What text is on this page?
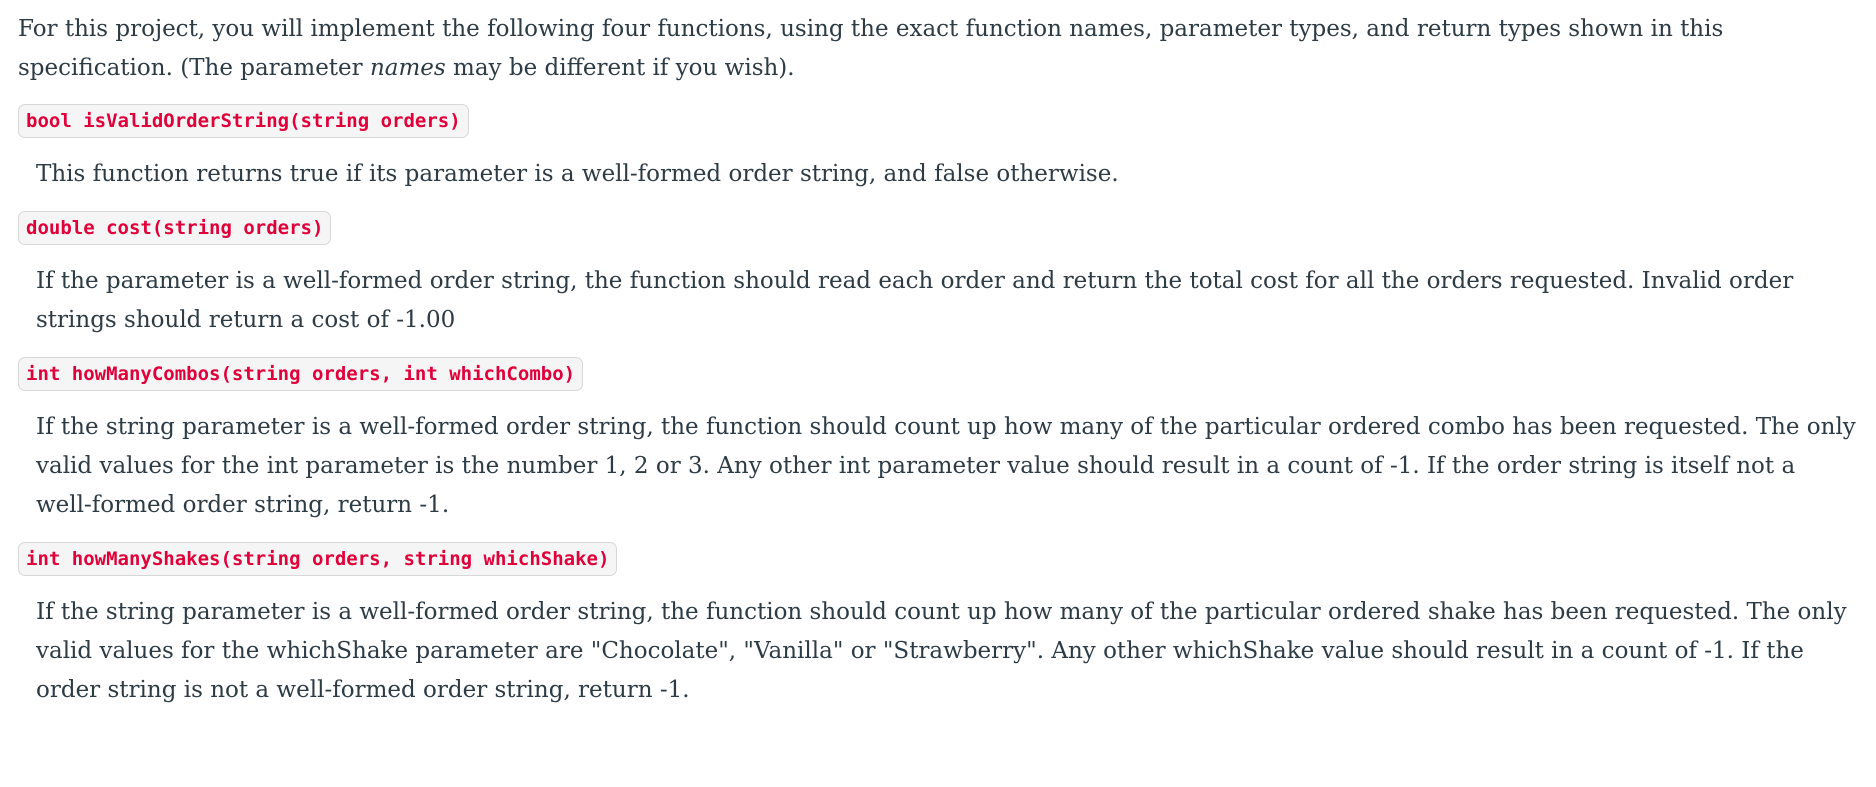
For this project, you will implement the following four functions, using the exact function names, parameter types, and return types shown in this specification. (The parameter names may be different if you wish).

bool isValidOrderString(string orders)

This function returns true if its parameter is a well-formed order string, and false otherwise.

double cost(string orders)

If the parameter is a well-formed order string, the function should read each order and return the total cost for all the orders requested. Invalid order strings should return a cost of -1.00

int howManyCombos(string orders, int whichCombo)

If the string parameter is a well-formed order string, the function should count up how many of the particular ordered combo has been requested. The only valid values for the int parameter is the number 1, 2 or 3. Any other int parameter value should result in a count of -1. If the order string is itself not a well-formed order string, return -1.

int howManyShakes(string orders, string whichShake)

If the string parameter is a well-formed order string, the function should count up how many of the particular ordered shake has been requested. The only valid values for the whichShake parameter are "Chocolate", "Vanilla" or "Strawberry". Any other whichShake value should result in a count of -1. If the order string is not a well-formed order string, return -1.
